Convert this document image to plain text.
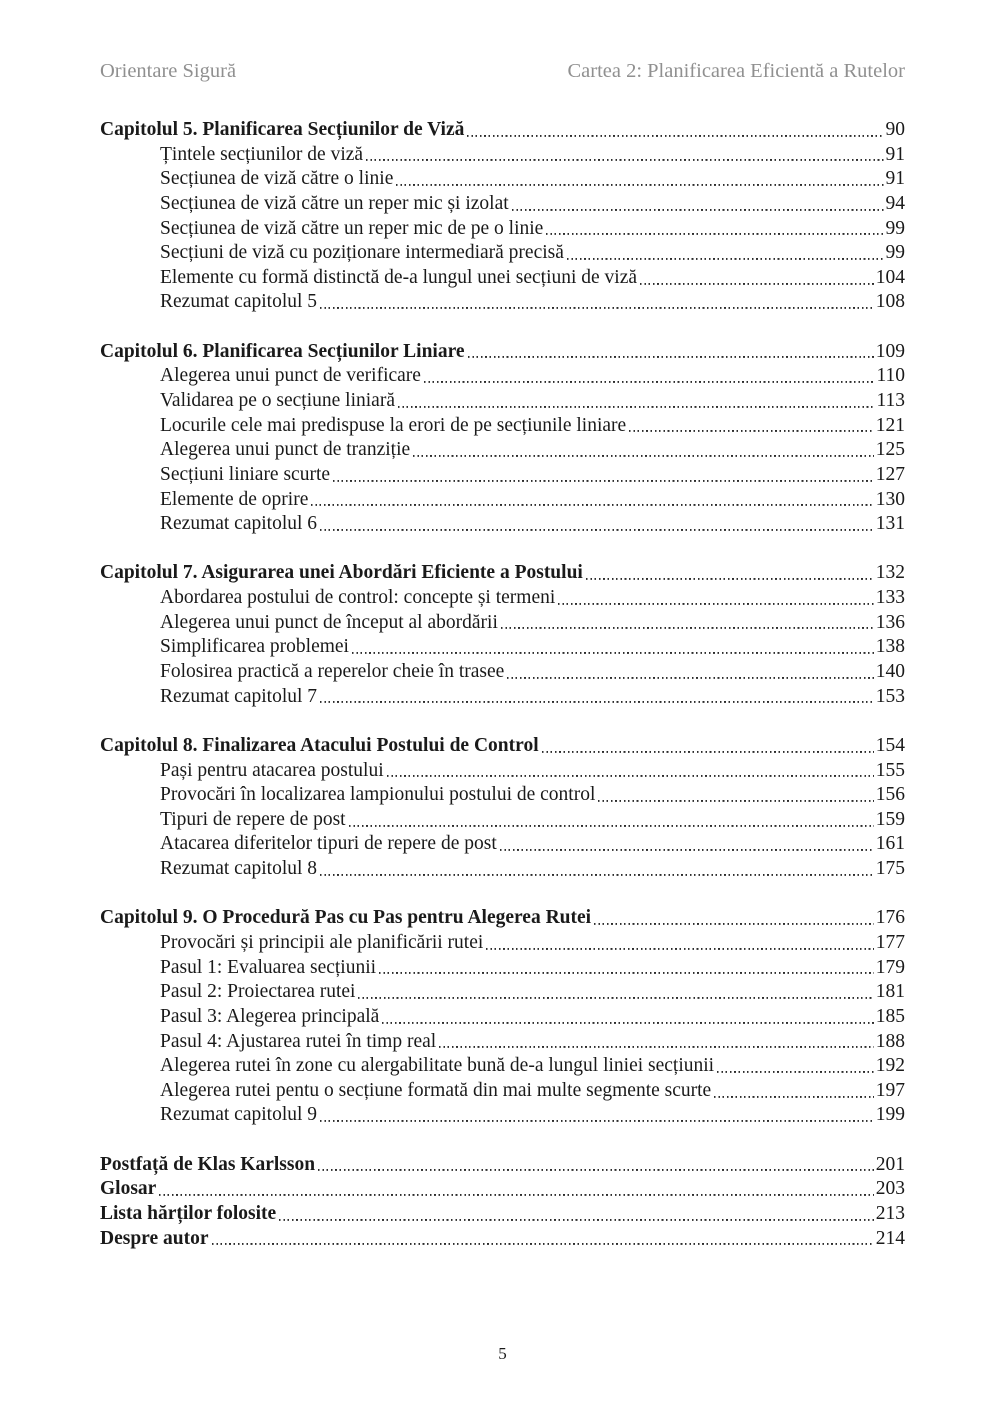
Orientare Sigură	Cartea 2: Planificarea Eficientă a Rutelor
Capitolul 5. Planificarea Secțiunilor de Viză	90
Țintele secțiunilor de viză	91
Secțiunea de viză către o linie	91
Secțiunea de viză către un reper mic și izolat	94
Secțiunea de viză către un reper mic de pe o linie	99
Secțiuni de viză cu poziționare intermediară precisă	99
Elemente cu formă distinctă de-a lungul unei secțiuni de viză	104
Rezumat capitolul 5	108
Capitolul 6. Planificarea Secțiunilor Liniare	109
Alegerea unui punct de verificare	110
Validarea pe o secțiune liniară	113
Locurile cele mai predispuse la erori de pe secțiunile liniare	121
Alegerea unui punct de tranziție	125
Secțiuni liniare scurte	127
Elemente de oprire	130
Rezumat capitolul 6	131
Capitolul 7. Asigurarea unei Abordări Eficiente a Postului	132
Abordarea postului de control: concepte și termeni	133
Alegerea unui punct de început al abordării	136
Simplificarea problemei	138
Folosirea practică a reperelor cheie în trasee	140
Rezumat capitolul 7	153
Capitolul 8. Finalizarea Atacului Postului de Control	154
Pași pentru atacarea postului	155
Provocări în localizarea lampionului postului de control	156
Tipuri de repere de post	159
Atacarea diferitelor tipuri de repere de post	161
Rezumat capitolul 8	175
Capitolul 9. O Procedură Pas cu Pas pentru Alegerea Rutei	176
Provocări și principii ale planificării rutei	177
Pasul 1: Evaluarea secțiunii	179
Pasul 2: Proiectarea rutei	181
Pasul 3: Alegerea principală	185
Pasul 4: Ajustarea rutei în timp real	188
Alegerea rutei în zone cu alergabilitate bună de-a lungul liniei secțiunii	192
Alegerea rutei pentu o secțiune formată din mai multe segmente scurte	197
Rezumat capitolul 9	199
Postfață de Klas Karlsson	201
Glosar	203
Lista hărților folosite	213
Despre autor	214
5
